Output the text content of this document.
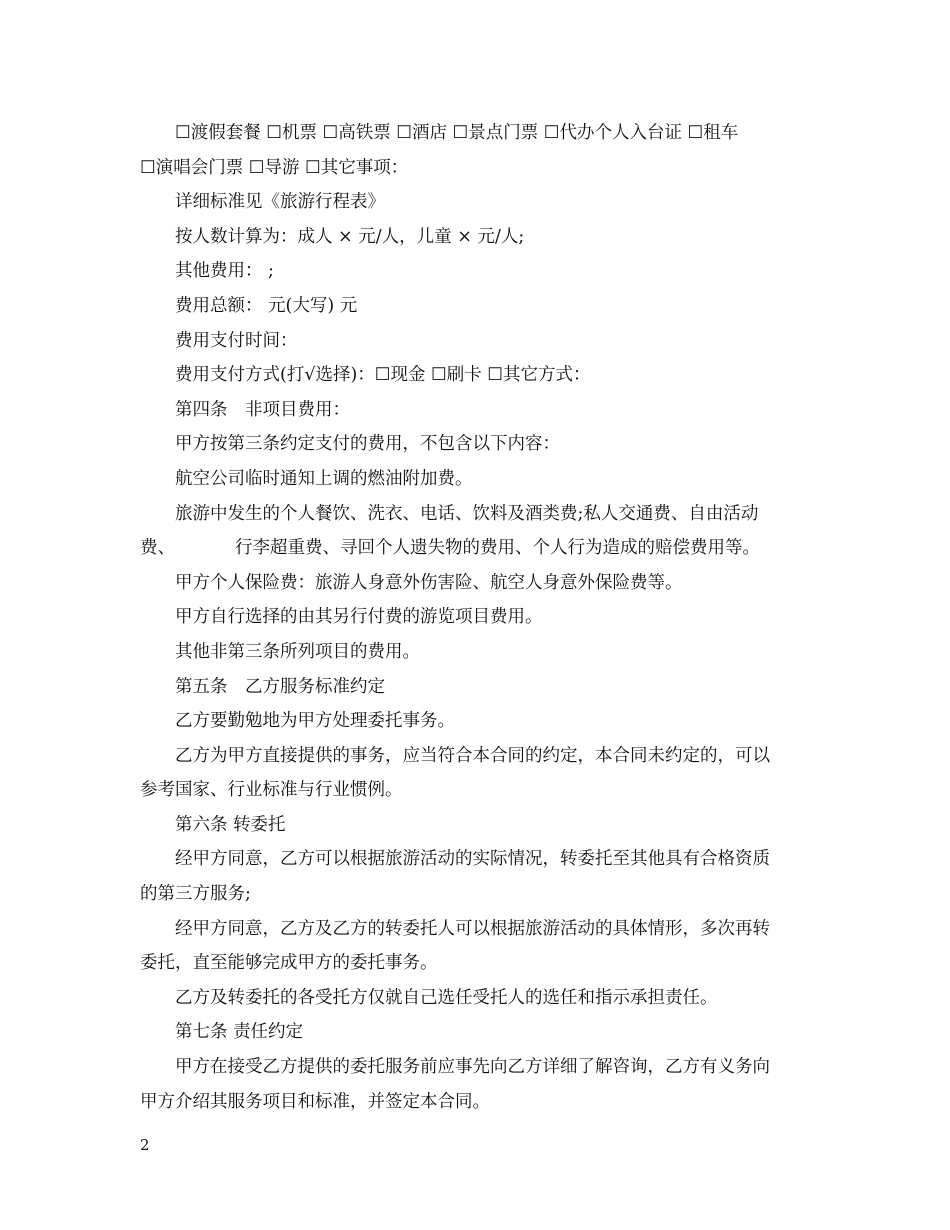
☐渡假套餐 ☐机票 ☐高铁票 ☐酒店 ☐景点门票 ☐代办个人入台证 ☐租车

☐演唱会门票 ☐导游 ☐其它事项：

详细标准见《旅游行程表》

按人数计算为：成人 × 元/人，儿童 × 元/人;

其他费用： ;

费用总额： 元(大写) 元

费用支付时间：

费用支付方式(打√选择)：☐现金 ☐刷卡 ☐其它方式：

第四条　非项目费用：

甲方按第三条约定支付的费用，不包含以下内容：

航空公司临时通知上调的燃油附加费。

旅游中发生的个人餐饮、洗衣、电话、饮料及酒类费;私人交通费、自由活动

费、	行李超重费、寻回个人遗失物的费用、个人行为造成的赔偿费用等。

甲方个人保险费：旅游人身意外伤害险、航空人身意外保险费等。

甲方自行选择的由其另行付费的游览项目费用。

其他非第三条所列项目的费用。

第五条　乙方服务标准约定

乙方要勤勉地为甲方处理委托事务。

乙方为甲方直接提供的事务，应当符合本合同的约定，本合同未约定的，可以

参考国家、行业标准与行业惯例。

第六条 转委托

经甲方同意，乙方可以根据旅游活动的实际情况，转委托至其他具有合格资质

的第三方服务;

经甲方同意，乙方及乙方的转委托人可以根据旅游活动的具体情形，多次再转

委托，直至能够完成甲方的委托事务。

乙方及转委托的各受托方仅就自己选任受托人的选任和指示承担责任。

第七条 责任约定

甲方在接受乙方提供的委托服务前应事先向乙方详细了解咨询，乙方有义务向

甲方介绍其服务项目和标准，并签定本合同。

2
